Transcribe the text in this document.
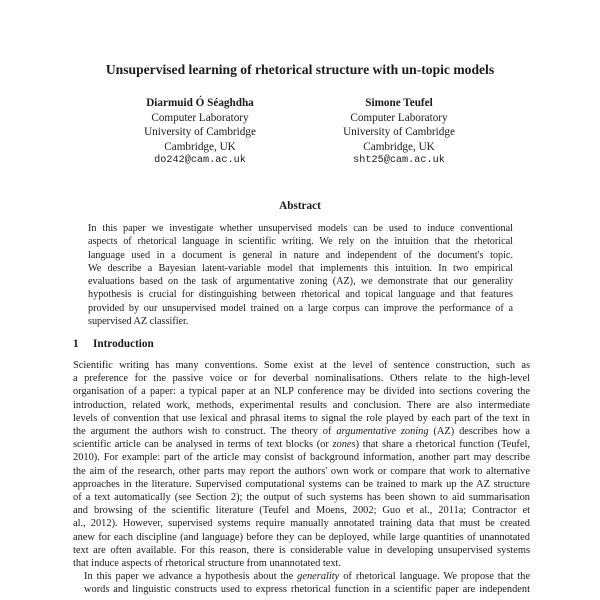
Unsupervised learning of rhetorical structure with un-topic models
Diarmuid Ó Séaghdha
Computer Laboratory
University of Cambridge
Cambridge, UK
do242@cam.ac.uk
Simone Teufel
Computer Laboratory
University of Cambridge
Cambridge, UK
sht25@cam.ac.uk
Abstract
In this paper we investigate whether unsupervised models can be used to induce conventional
aspects of rhetorical language in scientific writing. We rely on the intuition that the rhetorical
language used in a document is general in nature and independent of the document's topic.
We describe a Bayesian latent-variable model that implements this intuition. In two empirical
evaluations based on the task of argumentative zoning (AZ), we demonstrate that our generality
hypothesis is crucial for distinguishing between rhetorical and topical language and that features
provided by our unsupervised model trained on a large corpus can improve the performance of a
supervised AZ classifier.
1 Introduction

Scientific writing has many conventions. Some exist at the level of sentence construction, such as
a preference for the passive voice or for deverbal nominalisations. Others relate to the high-level
organisation of a paper: a typical paper at an NLP conference may be divided into sections covering the
introduction, related work, methods, experimental results and conclusion. There are also intermediate
levels of convention that use lexical and phrasal items to signal the role played by each part of the text in
the argument the authors wish to construct. The theory of argumentative zoning (AZ) describes how a
scientific article can be analysed in terms of text blocks (or zones) that share a rhetorical function (Teufel,
2010). For example: part of the article may consist of background information, another part may describe
the aim of the research, other parts may report the authors' own work or compare that work to alternative
approaches in the literature. Supervised computational systems can be trained to mark up the AZ structure
of a text automatically (see Section 2); the output of such systems has been shown to aid summarisation
and browsing of the scientific literature (Teufel and Moens, 2002; Guo et al., 2011a; Contractor et
al., 2012). However, supervised systems require manually annotated training data that must be created
anew for each discipline (and language) before they can be deployed, while large quantities of unannotated
text are often available. For this reason, there is considerable value in developing unsupervised systems
that induce aspects of rhetorical structure from unannotated text.

In this paper we advance a hypothesis about the generality of rhetorical language. We propose that the
words and linguistic constructs used to express rhetorical function in a scientific paper are independent
